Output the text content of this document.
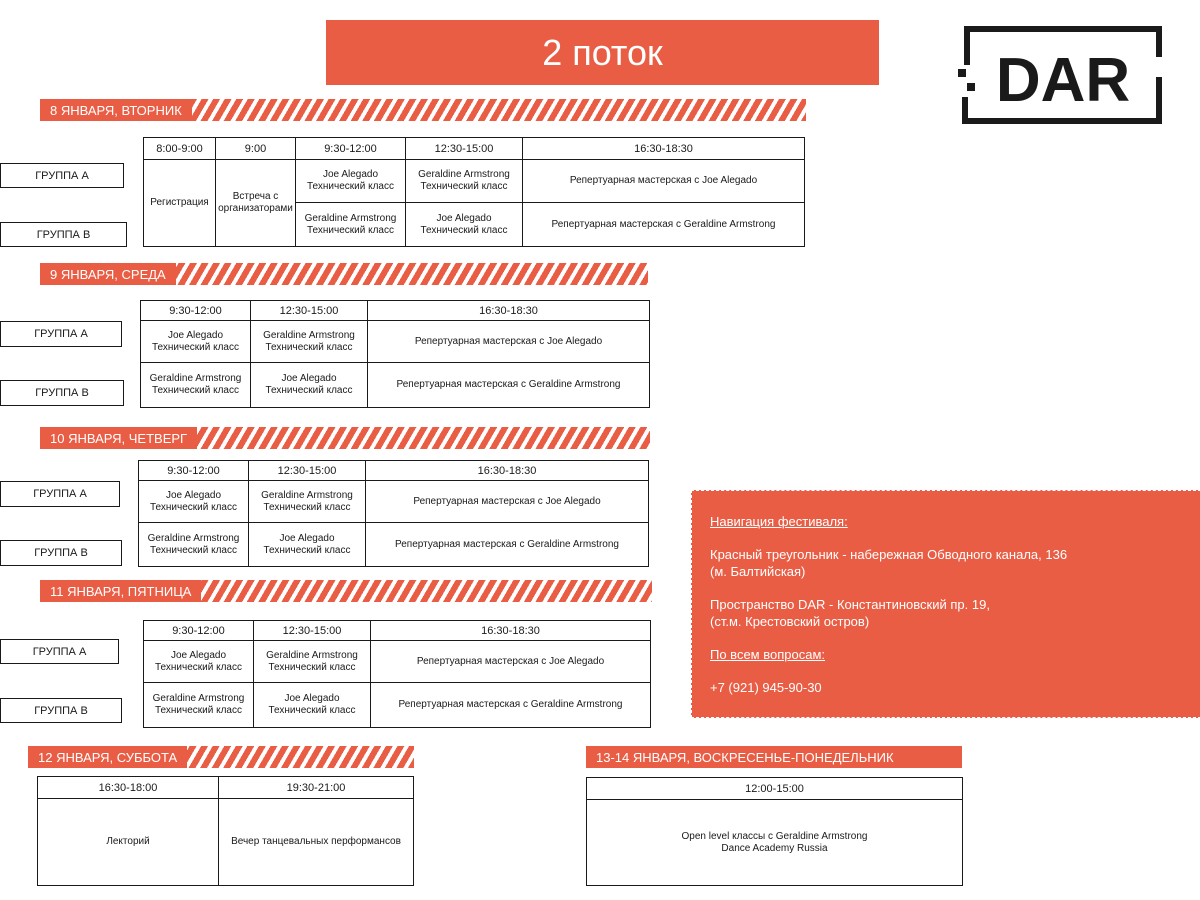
2 поток	DAR
8 ЯНВАРЯ, ВТОРНИК
ГРУППА А
ГРУППА В
8:00-9:00	9:00	9:30-12:00	12:30-15:00	16:30-18:30
Регистрация	Встреча с организаторами	Joe Alegado Технический класс	Geraldine Armstrong Технический класс	Репертуарная мастерская с Joe Alegado
		Geraldine Armstrong Технический класс	Joe Alegado Технический класс	Репертуарная мастерская с Geraldine Armstrong
9 ЯНВАРЯ, СРЕДА
ГРУППА А
ГРУППА В
9:30-12:00	12:30-15:00	16:30-18:30
Joe Alegado Технический класс	Geraldine Armstrong Технический класс	Репертуарная мастерская с Joe Alegado
Geraldine Armstrong Технический класс	Joe Alegado Технический класс	Репертуарная мастерская с Geraldine Armstrong
10 ЯНВАРЯ, ЧЕТВЕРГ
ГРУППА А
ГРУППА В
9:30-12:00	12:30-15:00	16:30-18:30
Joe Alegado Технический класс	Geraldine Armstrong Технический класс	Репертуарная мастерская с Joe Alegado
Geraldine Armstrong Технический класс	Joe Alegado Технический класс	Репертуарная мастерская с Geraldine Armstrong
11 ЯНВАРЯ, ПЯТНИЦА
ГРУППА А
ГРУППА В
9:30-12:00	12:30-15:00	16:30-18:30
Joe Alegado Технический класс	Geraldine Armstrong Технический класс	Репертуарная мастерская с Joe Alegado
Geraldine Armstrong Технический класс	Joe Alegado Технический класс	Репертуарная мастерская с Geraldine Armstrong
12 ЯНВАРЯ, СУББОТА
16:30-18:00	19:30-21:00
Лекторий	Вечер танцевальных перформансов
13-14 ЯНВАРЯ, ВОСКРЕСЕНЬЕ-ПОНЕДЕЛЬНИК
12:00-15:00

Open level классы с Geraldine Armstrong
Dance Academy Russia

Навигация фестиваля:

Красный треугольник - набережная Обводного канала, 136

(м. Балтийская)

Пространство DAR - Константиновский пр. 19,

(ст.м. Крестовский остров)

По всем вопросам:

+7 (921) 945-90-30
